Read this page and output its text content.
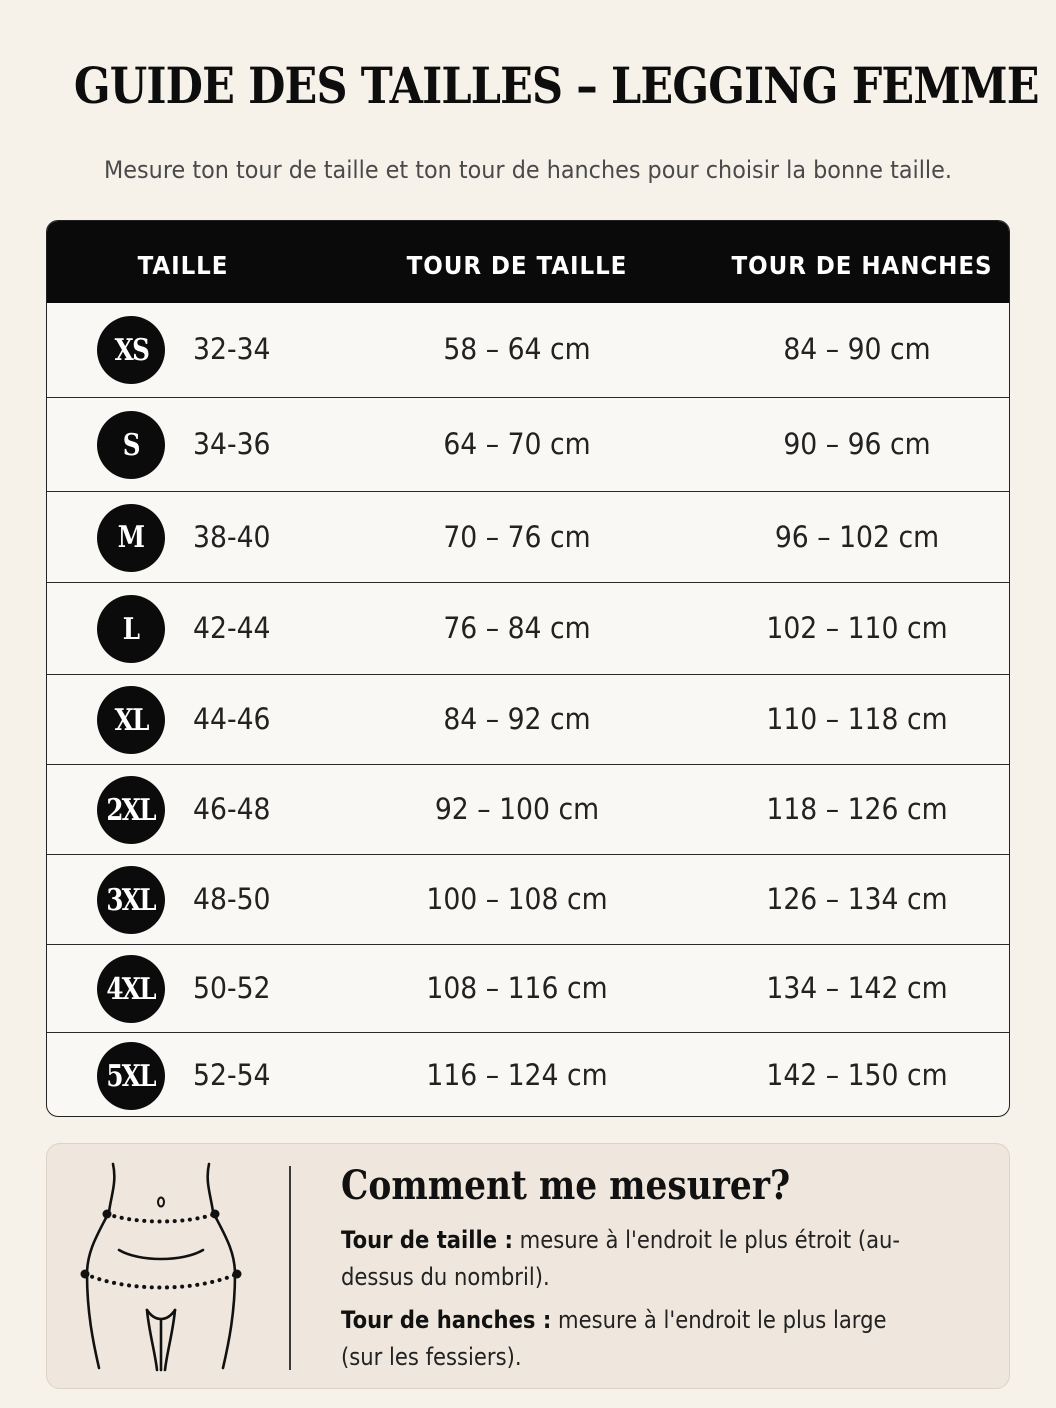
GUIDE DES TAILLES – LEGGING FEMME
Mesure ton tour de taille et ton tour de hanches pour choisir la bonne taille.
TAILLE	TOUR DE TAILLE	TOUR DE HANCHES
XS 32-34	58 – 64 cm	84 – 90 cm
S 34-36	64 – 70 cm	90 – 96 cm
M 38-40	70 – 76 cm	96 – 102 cm
L 42-44	76 – 84 cm	102 – 110 cm
XL 44-46	84 – 92 cm	110 – 118 cm
2XL 46-48	92 – 100 cm	118 – 126 cm
3XL 48-50	100 – 108 cm	126 – 134 cm
4XL 50-52	108 – 116 cm	134 – 142 cm
5XL 52-54	116 – 124 cm	142 – 150 cm
Comment me mesurer?
Tour de taille : mesure à l'endroit le plus étroit (au-dessus du nombril).
Tour de hanches : mesure à l'endroit le plus large (sur les fessiers).
